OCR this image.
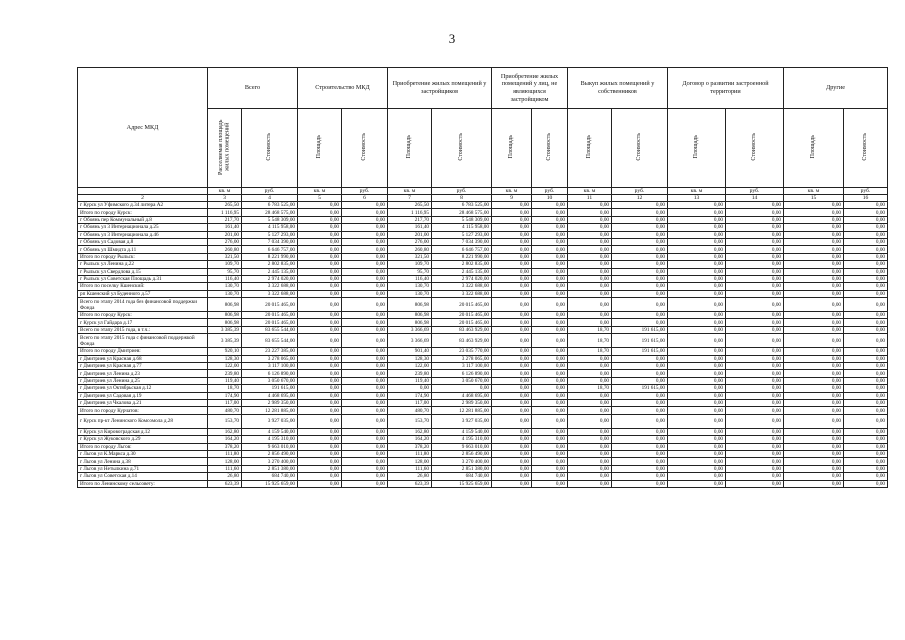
3
Адрес МКД	Всего		Строительство МКД		Приобретение жилых помещений у застройщиков		Приобретение жилых помещений у лиц, не являющихся застройщиком		Выкуп жилых помещений у собственников		Договор о развитии застроенной территории		Другие	
	Расселяемая площадь жилых помещений	Стоимость	Площадь	Стоимость	Площадь	Стоимость	Площадь	Стоимость	Площадь	Стоимость	Площадь	Стоимость	Площадь	Стоимость
	кв. м	руб.	кв. м	руб.	кв. м	руб.	кв. м	руб.	кв. м	руб.	кв. м	руб.	кв. м	руб.
2	3	4	5	6	7	8	9	10	11	12	13	14	15	16
г Курск ул Уфимского д.34 литера А2	265,50	6 783 525,00	0,00	0,00	265,50	6 783 525,00	0,00	0,00	0,00	0,00	0,00	0,00	0,00	0,00
Итого по городу Курск:	1 116,95	28 468 575,00	0,00	0,00	1 116,95	28 468 575,00	0,00	0,00	0,00	0,00	0,00	0,00	0,00	0,00
г Обоянь пер Коммунальный д.8	217,70	5 548 309,00	0,00	0,00	217,70	5 548 309,00	0,00	0,00	0,00	0,00	0,00	0,00	0,00	0,00
г Обоянь ул 3 Интернационала д.25	161,40	4 115 958,00	0,00	0,00	161,40	4 115 958,00	0,00	0,00	0,00	0,00	0,00	0,00	0,00	0,00
г Обоянь ул 3 Интернационала д.46	201,00	5 127 293,00	0,00	0,00	201,00	5 127 293,00	0,00	0,00	0,00	0,00	0,00	0,00	0,00	0,00
г Обоянь ул Садовая д.8	276,00	7 034 390,00	0,00	0,00	276,00	7 034 390,00	0,00	0,00	0,00	0,00	0,00	0,00	0,00	0,00
г Обоянь ул Шмидта д.11	260,80	6 646 757,00	0,00	0,00	260,80	6 646 757,00	0,00	0,00	0,00	0,00	0,00	0,00	0,00	0,00
Итого по городу Рыльск:	321,50	8 221 990,00	0,00	0,00	321,50	8 221 990,00	0,00	0,00	0,00	0,00	0,00	0,00	0,00	0,00
г Рыльск ул Ленина д.22	109,70	2 802 835,00	0,00	0,00	109,70	2 802 835,00	0,00	0,00	0,00	0,00	0,00	0,00	0,00	0,00
г Рыльск ул Свердлова д.15	95,70	2 445 135,00	0,00	0,00	95,70	2 445 135,00	0,00	0,00	0,00	0,00	0,00	0,00	0,00	0,00
г Рыльск ул Советская Площадь д.31	116,40	2 974 020,00	0,00	0,00	116,40	2 974 020,00	0,00	0,00	0,00	0,00	0,00	0,00	0,00	0,00
Итого по поселку Кшенский:	130,70	3 322 688,00	0,00	0,00	130,70	3 322 688,00	0,00	0,00	0,00	0,00	0,00	0,00	0,00	0,00
рп Кшенский ул Буденного д.57	130,70	3 322 688,00	0,00	0,00	130,70	3 322 688,00	0,00	0,00	0,00	0,00	0,00	0,00	0,00	0,00
Всего по этапу 2014 года без финансовой поддержки Фонда	806,98	20 015 465,00	0,00	0,00	806,98	20 015 465,00	0,00	0,00	0,00	0,00	0,00	0,00	0,00	0,00
Итого по городу Курск:	806,98	20 015 465,00	0,00	0,00	806,98	20 015 465,00	0,00	0,00	0,00	0,00	0,00	0,00	0,00	0,00
г Курск ул Гайдара д.17	806,98	20 015 465,00	0,00	0,00	806,98	20 015 465,00	0,00	0,00	0,00	0,00	0,00	0,00	0,00	0,00
Всего по этапу 2015 года, в т.ч.:	3 385,39	83 655 544,00	0,00	0,00	3 366,69	83 463 929,00	0,00	0,00	18,70	191 615,00	0,00	0,00	0,00	0,00
Всего по этапу 2015 года с финансовой поддержкой Фонда	3 385,39	83 655 544,00	0,00	0,00	3 366,69	83 463 929,00	0,00	0,00	18,70	191 615,00	0,00	0,00	0,00	0,00
Итого по городу Дмитриев:	920,10	23 227 385,00	0,00	0,00	901,40	23 035 770,00	0,00	0,00	18,70	191 615,00	0,00	0,00	0,00	0,00
г Дмитриев ул Красная д.68	128,30	3 278 065,00	0,00	0,00	128,30	3 278 065,00	0,00	0,00	0,00	0,00	0,00	0,00	0,00	0,00
г Дмитриев ул Красная д.77	122,00	3 117 100,00	0,00	0,00	122,00	3 117 100,00	0,00	0,00	0,00	0,00	0,00	0,00	0,00	0,00
г Дмитриев ул Ленина д.23	239,80	6 126 890,00	0,00	0,00	239,80	6 126 890,00	0,00	0,00	0,00	0,00	0,00	0,00	0,00	0,00
г Дмитриев ул Ленина д.25	119,40	3 050 670,00	0,00	0,00	119,40	3 050 670,00	0,00	0,00	0,00	0,00	0,00	0,00	0,00	0,00
г Дмитриев ул Октябрьская д.12	18,70	191 615,00	0,00	0,00	0,00	0,00	0,00	0,00	18,70	191 615,00	0,00	0,00	0,00	0,00
г Дмитриев ул Садовая д.19	174,90	4 468 695,00	0,00	0,00	174,90	4 468 695,00	0,00	0,00	0,00	0,00	0,00	0,00	0,00	0,00
г Дмитриев ул Чкалова д.21	117,00	2 989 350,00	0,00	0,00	117,00	2 989 350,00	0,00	0,00	0,00	0,00	0,00	0,00	0,00	0,00
Итого по городу Курчатов:	480,70	12 281 885,00	0,00	0,00	480,70	12 281 885,00	0,00	0,00	0,00	0,00	0,00	0,00	0,00	0,00
г Курск пр-кт Ленинского Комсомола д.28	153,70	3 927 035,00	0,00	0,00	153,70	3 927 035,00	0,00	0,00	0,00	0,00	0,00	0,00	0,00	0,00
г Курск ул Кировоградская д.12	162,80	4 159 540,00	0,00	0,00	162,80	4 159 540,00	0,00	0,00	0,00	0,00	0,00	0,00	0,00	0,00
г Курск ул Жуковского д.29	164,20	4 195 310,00	0,00	0,00	164,20	4 195 310,00	0,00	0,00	0,00	0,00	0,00	0,00	0,00	0,00
Итого по городу Льгов:	378,20	9 663 010,00	0,00	0,00	378,20	9 663 010,00	0,00	0,00	0,00	0,00	0,00	0,00	0,00	0,00
г Льгов ул К.Маркса д.30	111,80	2 856 490,00	0,00	0,00	111,80	2 856 490,00	0,00	0,00	0,00	0,00	0,00	0,00	0,00	0,00
г Льгов ул Ленина д.38	128,00	3 270 400,00	0,00	0,00	128,00	3 270 400,00	0,00	0,00	0,00	0,00	0,00	0,00	0,00	0,00
г Льгов ул Нетылкина д.71	111,60	2 851 380,00	0,00	0,00	111,60	2 851 380,00	0,00	0,00	0,00	0,00	0,00	0,00	0,00	0,00
г Льгов ул Советская д.14	26,80	684 740,00	0,00	0,00	26,80	684 740,00	0,00	0,00	0,00	0,00	0,00	0,00	0,00	0,00
Итого по Ленинскому сельсовету:	623,39	15 925 659,00	0,00	0,00	623,39	15 925 659,00	0,00	0,00	0,00	0,00	0,00	0,00	0,00	0,00
